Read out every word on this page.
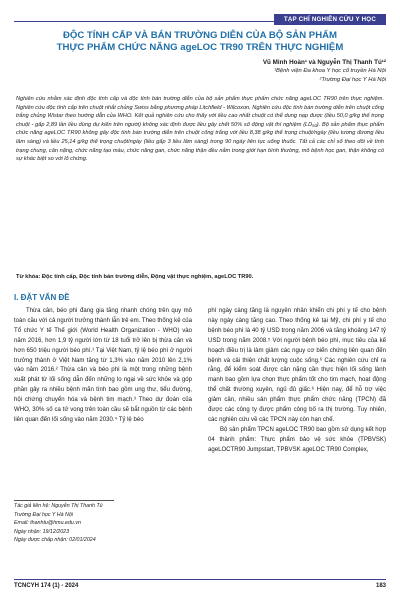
TẠP CHÍ NGHIÊN CỨU Y HỌC
ĐỘC TÍNH CẤP VÀ BÁN TRƯỜNG DIỄN CỦA BỘ SẢN PHẨM
THỰC PHẨM CHỨC NĂNG ageLOC TR90 TRÊN THỰC NGHIỆM
Vũ Minh Hoàn¹ và Nguyễn Thị Thanh Tú¹²
¹Bệnh viện Đa khoa Y học cổ truyền Hà Nội
²Trường Đại học Y Hà Nội
Nghiên cứu nhằm xác định độc tính cấp và độc tính bán trường diễn của bộ sản phẩm thực phẩm chức năng ageLOC TR90 trên thực nghiệm. Nghiên cứu độc tính cấp trên chuột nhắt chủng Swiss bằng phương pháp Litchfield - Wilcoxon. Nghiên cứu độc tính bán trường diễn trên chuột cống trắng chủng Wistar theo hướng dẫn của WHO. Kết quả nghiên cứu cho thấy với liều cao nhất chuột có thể dung nạp được (liều 50,0 g/kg thể trọng chuột - gấp 2,89 lần liều dùng dự kiến trên người) không xác định được liều gây chết 50% số động vật thí nghiệm (LD₅₀). Bộ sản phẩm thực phẩm chức năng ageLOC TR90 không gây độc tính bán trường diễn trên chuột cống trắng với liều 8,38 g/kg thể trọng chuột/ngày (liều tương đương liều lâm sàng) và liều 25,14 g/kg thể trọng chuột/ngày (liều gấp 3 liều lâm sàng) trong 90 ngày liên tục uống thuốc. Tất cả các chỉ số theo dõi về tình trạng chung, cân nặng, chức năng tạo máu, chức năng gan, chức năng thận đều nằm trong giới hạn bình thường, mô bệnh học gan, thận không có sự khác biệt so với lô chứng.
Từ khóa: Độc tính cấp, Độc tính bán trường diễn, Động vật thực nghiệm, ageLOC TR90.
I. ĐẶT VẤN ĐỀ

Thừa cân, béo phì đang gia tăng nhanh chóng trên quy mô toàn cầu với cả người trưởng thành lẫn trẻ em. Theo thống kê của Tổ chức Y tế Thế giới (World Health Organization - WHO) vào năm 2016, hơn 1,9 tỷ người lớn từ 18 tuổi trở lên bị thừa cân và hơn 650 triệu người béo phì.¹ Tại Việt Nam, tỷ lệ béo phì ở người trưởng thành ở Việt Nam tăng từ 1,3% vào năm 2010 lên 2,1% vào năm 2016.² Thừa cân và béo phì là một trong những bệnh xuất phát từ lối sống dẫn đến những lo ngại về sức khỏe và góp phần gây ra nhiều bệnh mãn tính bao gồm ung thư, tiểu đường, hội chứng chuyển hóa và bệnh tim mạch.³ Theo dự đoán của WHO, 30% số ca tử vong trên toàn cầu sẽ bắt nguồn từ các bệnh liên quan đến lối sống vào năm 2030.⁴ Tỷ lệ béo

phì ngày càng tăng là nguyên nhân khiến chi phí y tế cho bệnh này ngày càng tăng cao. Theo thống kê tại Mỹ, chi phí y tế cho bệnh béo phì là 40 tỷ USD trong năm 2006 và tăng khoảng 147 tỷ USD trong năm 2008.⁵ Với người bệnh béo phì, mục tiêu của kế hoạch điều trị là làm giảm các nguy cơ biến chứng liên quan đến bệnh và cải thiện chất lượng cuộc sống.⁶ Các nghiên cứu chỉ ra rằng, để kiểm soát được cân nặng cần thực hiện lối sống lành mạnh bao gồm lựa chọn thực phẩm tốt cho tim mạch, hoạt động thể chất thường xuyên, ngủ đủ giấc.⁶ Hiện nay, để hỗ trợ việc giảm cân, nhiều sản phẩm thực phẩm chức năng (TPCN) đã được các công ty được phẩm công bố ra thị trường. Tuy nhiên, các nghiên cứu về các TPCN này còn hạn chế.

Bộ sản phẩm TPCN ageLOC TR90 bao gồm sử dụng kết hợp 04 thành phẩm: Thực phẩm bảo vệ sức khỏe (TPBVSK) ageLOCTR90 Jumpstart, TPBVSK ageLOC TR90 Complex,

Tác giả liên hệ: Nguyễn Thị Thanh Tú
Trường Đại học Y Hà Nội
Email: thanhtu@hmu.edu.vn
Ngày nhận: 19/12/2023
Ngày được chấp nhận: 02/01/2024
TCNCYH 174 (1) - 2024	183
